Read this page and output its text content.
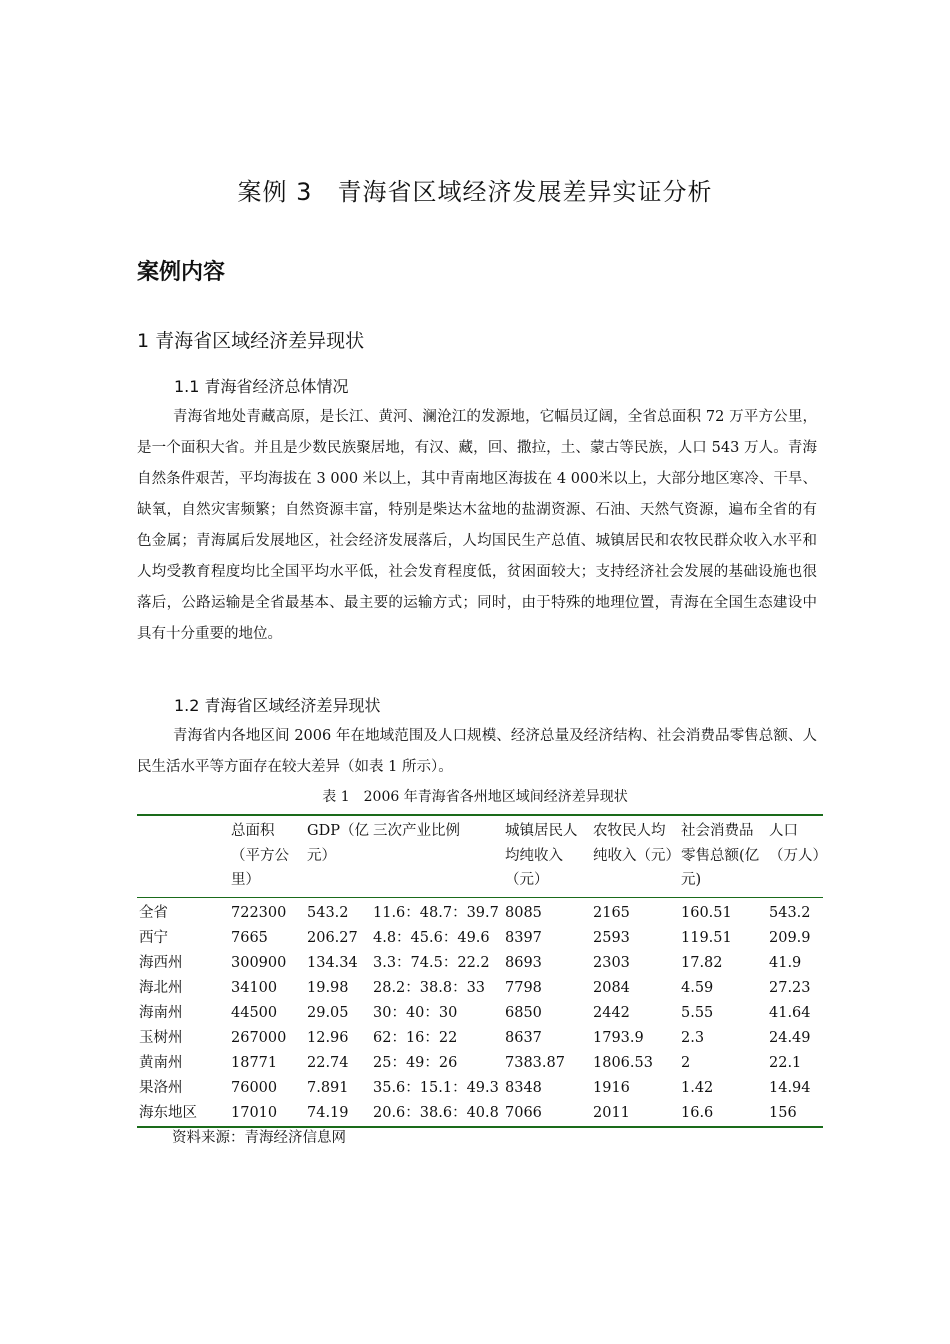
案例 3　青海省区域经济发展差异实证分析
案例内容
1 青海省区域经济差异现状
1.1 青海省经济总体情况

青海省地处青藏高原，是长江、黄河、澜沧江的发源地，它幅员辽阔，全省总面积 72 万平方公里，是一个面积大省。并且是少数民族聚居地，有汉、藏，回、撒拉，土、蒙古等民族，人口 543 万人。青海自然条件艰苦，平均海拔在 3 000 米以上，其中青南地区海拔在 4 000米以上，大部分地区寒冷、干旱、缺氧，自然灾害频繁；自然资源丰富，特别是柴达木盆地的盐湖资源、石油、天然气资源，遍布全省的有色金属；青海属后发展地区，社会经济发展落后，人均国民生产总值、城镇居民和农牧民群众收入水平和人均受教育程度均比全国平均水平低，社会发育程度低，贫困面较大；支持经济社会发展的基础设施也很落后，公路运输是全省最基本、最主要的运输方式；同时，由于特殊的地理位置，青海在全国生态建设中具有十分重要的地位。

1.2 青海省区域经济差异现状

青海省内各地区间 2006 年在地域范围及人口规模、经济总量及经济结构、社会消费品零售总额、人民生活水平等方面存在较大差异（如表 1 所示）。

表 1　2006 年青海省各州地区域间经济差异现状
	总面积（平方公里）	GDP（亿元）	三次产业比例	城镇居民人均纯收入（元）	农牧民人均纯收入（元）	社会消费品零售总额(亿元)	人口（万人）
全省	722300	543.2	11.6：48.7：39.7	8085	2165	160.51	543.2
西宁	7665	206.27	4.8：45.6：49.6	8397	2593	119.51	209.9
海西州	300900	134.34	3.3：74.5：22.2	8693	2303	17.82	41.9
海北州	34100	19.98	28.2：38.8：33	7798	2084	4.59	27.23
海南州	44500	29.05	30：40：30	6850	2442	5.55	41.64
玉树州	267000	12.96	62：16：22	8637	1793.9	2.3	24.49
黄南州	18771	22.74	25：49：26	7383.87	1806.53	2	22.1
果洛州	76000	7.891	35.6：15.1：49.3	8348	1916	1.42	14.94
海东地区	17010	74.19	20.6：38.6：40.8	7066	2011	16.6	156
资料来源：青海经济信息网
